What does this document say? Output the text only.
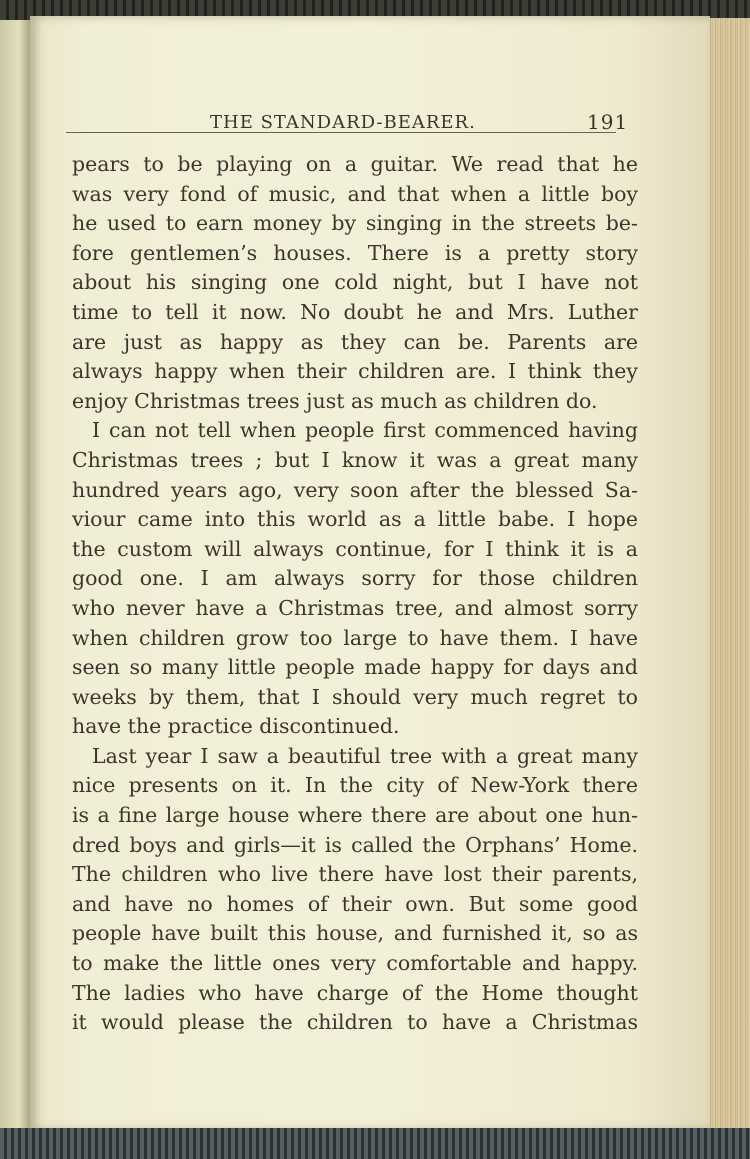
THE STANDARD-BEARER.	191
pears to be playing on a guitar. We read that he
was very fond of music, and that when a little boy
he used to earn money by singing in the streets be-
fore gentlemen’s houses. There is a pretty story
about his singing one cold night, but I have not
time to tell it now. No doubt he and Mrs. Luther
are just as happy as they can be. Parents are
always happy when their children are. I think they
enjoy Christmas trees just as much as children do.
I can not tell when people first commenced having
Christmas trees ; but I know it was a great many
hundred years ago, very soon after the blessed Sa-
viour came into this world as a little babe. I hope
the custom will always continue, for I think it is a
good one. I am always sorry for those children
who never have a Christmas tree, and almost sorry
when children grow too large to have them. I have
seen so many little people made happy for days and
weeks by them, that I should very much regret to
have the practice discontinued.
Last year I saw a beautiful tree with a great many
nice presents on it. In the city of New-York there
is a fine large house where there are about one hun-
dred boys and girls—it is called the Orphans’ Home.
The children who live there have lost their parents,
and have no homes of their own. But some good
people have built this house, and furnished it, so as
to make the little ones very comfortable and happy.
The ladies who have charge of the Home thought
it would please the children to have a Christmas
